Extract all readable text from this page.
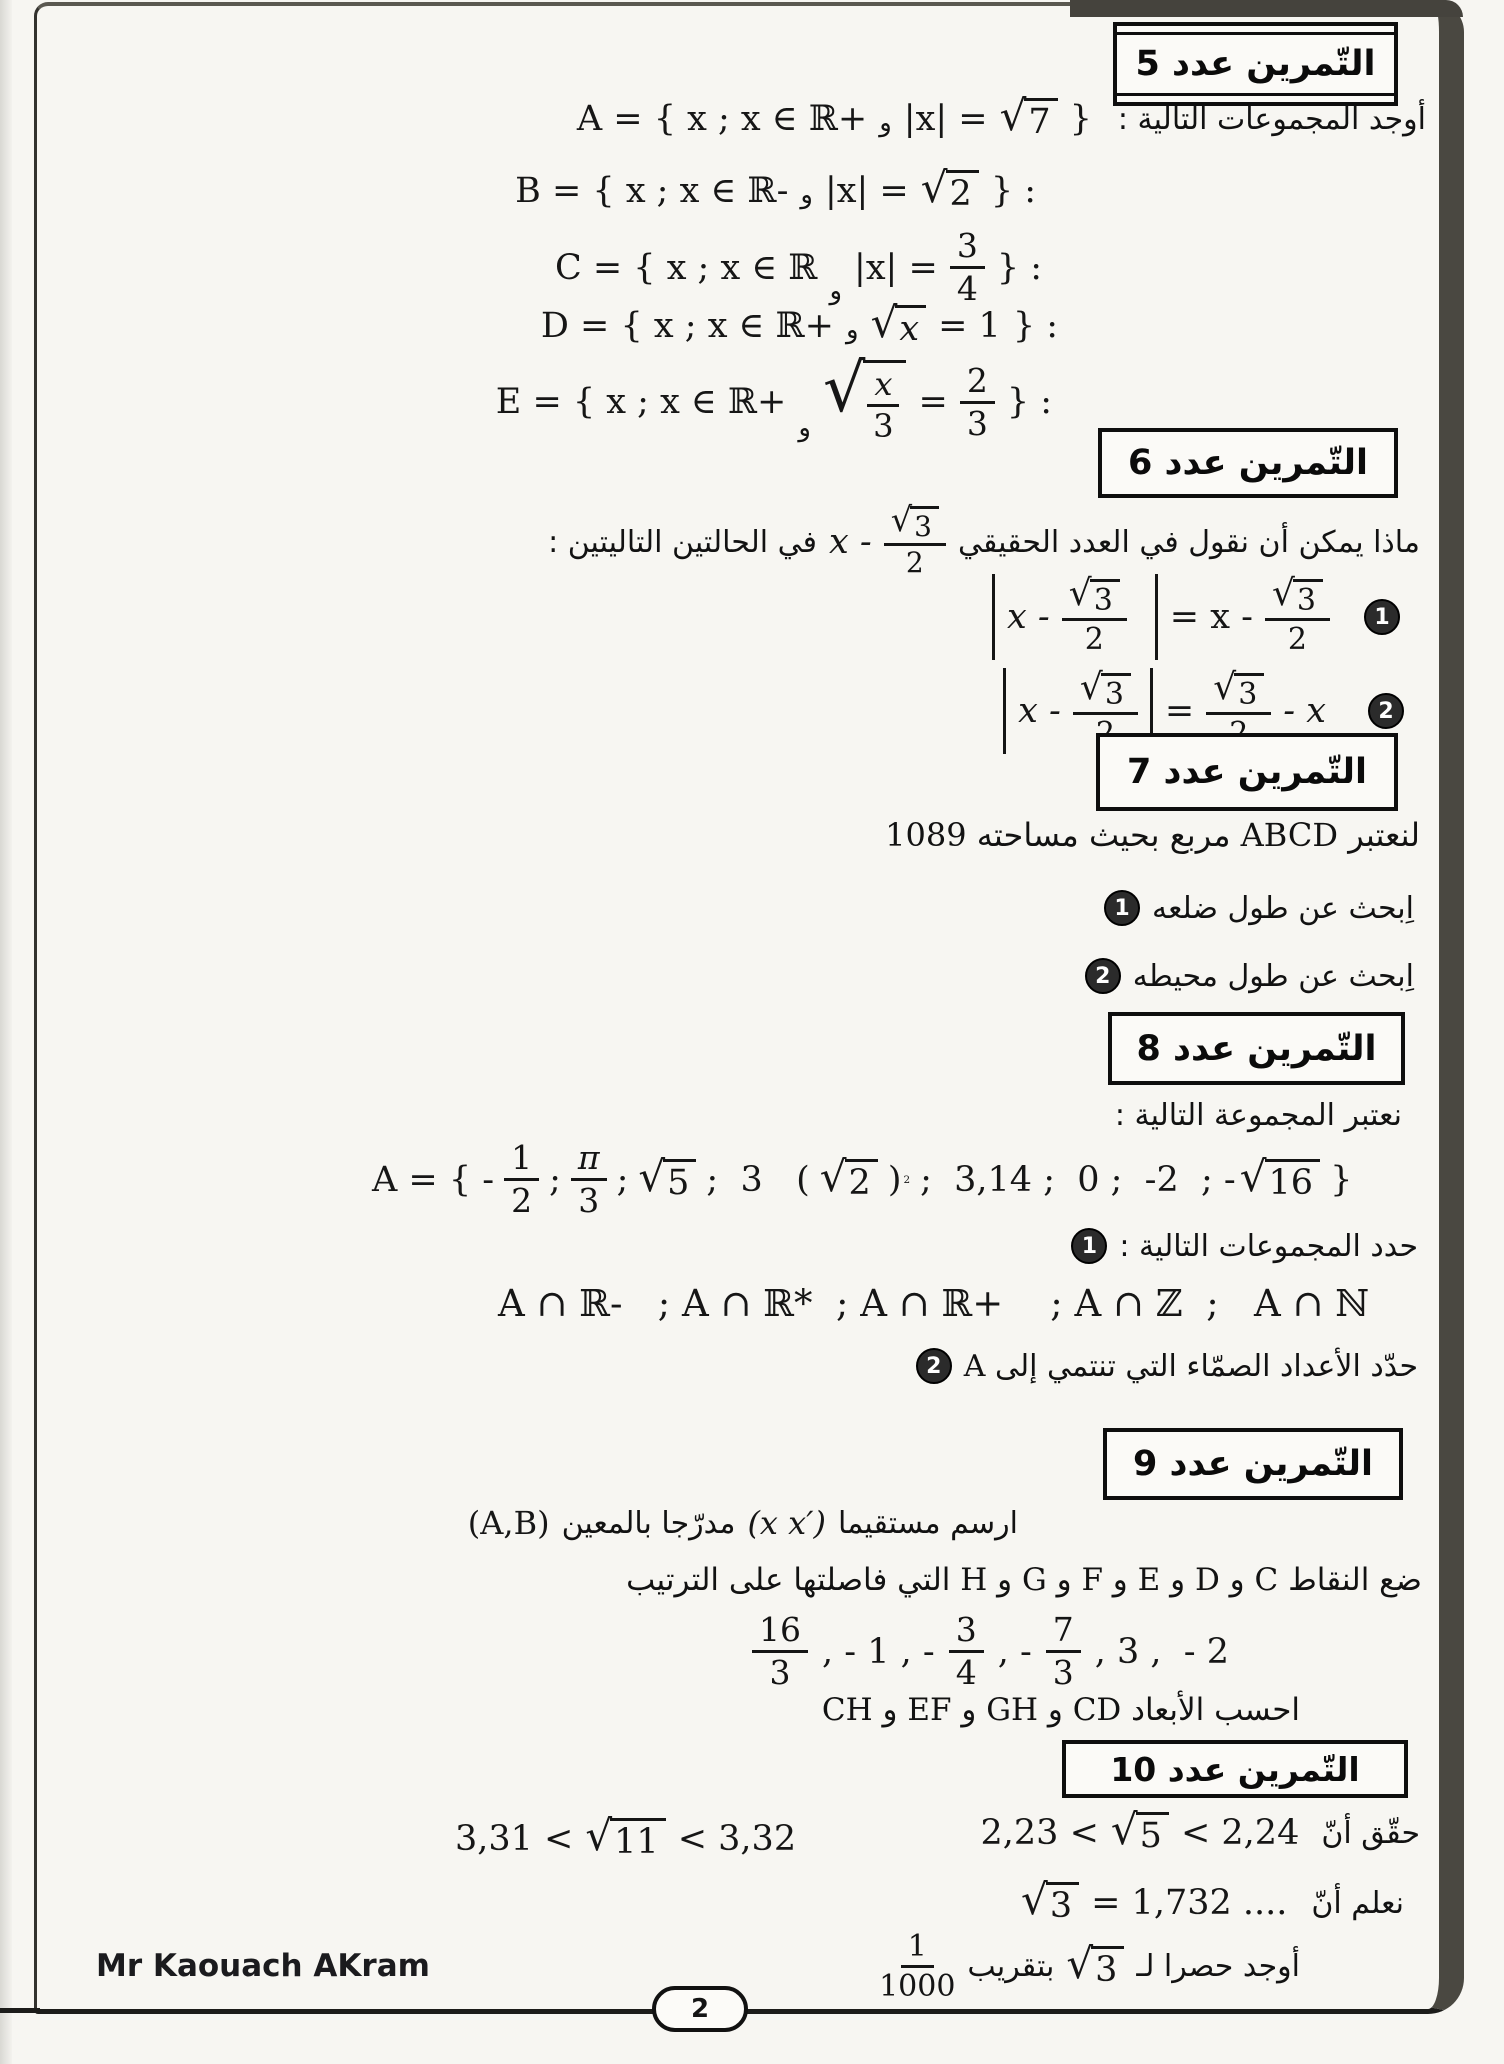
التّمرين عدد 5
A = { x ; x ∈ ℝ+ و |x| = √ 7 } أوجد المجموعات التالية :
B = { x ; x ∈ ℝ- و |x| = √ 2 } :
C = { x ; x ∈ ℝ
و
$|x| = \frac{3}{4}$ } :
D = { x ; x ∈ ℝ+ و √ x = 1 } :
E = { x ; x ∈ ℝ+
و
√ $\frac{x}{3} = \frac{2}{3}$ } :
التّمرين عدد 6
في الحالتين التاليتين : x - $\frac{√ 3}{2}$ ماذا يمكن أن نقول في العدد الحقيقي
$x - \frac{√ 3}{2} = x - \frac{√ 3}{2}$	1
x -
√ 3 =
√ 3 - x	2
التّمرين عدد 7
لنعتبر ABCD مربع بحيث مساحته 1089
1 اِبحث عن طول ضلعه
2 اِبحث عن طول محيطه
التّمرين عدد 8
نعتبر المجموعة التالية :
A = { - $\frac{1}{2}$ ; $\frac{\pi}{3}$ ; √ 5 ;  3   ( √ 2 ) 2 ;  3,14 ;  0 ;  -2  ; - √ 16 }
1 حدد المجموعات التالية :
A ∩ ℝ-   ; A ∩ ℝ*  ; A ∩ ℝ+    ; A ∩ ℤ  ;   A ∩ ℕ
2 حدّد الأعداد الصمّاء التي تنتمي إلى A
التّمرين عدد 9
(A,B) مدرّجا بالمعين (x x′) ارسم مستقيما
ضع النقاط C و D و E و F و G و H التي فاصلتها على الترتيب
$\frac{16}{3}$ , - 1 , - $\frac{3}{4}$ , - $\frac{7}{3}$ , 3 ,  - 2
احسب الأبعاد CD و GH و EF و CH
التّمرين عدد 10
3,31 < √ 11 < 3,32	2,23 < √ 5 < 2,24 حقّق أنّ
√ 3 = 1,732 .... نعلم أنّ
$\frac{1}{1000}$ بتقريب √ 3 أوجد حصرا لـ
Mr Kaouach AKram
2
